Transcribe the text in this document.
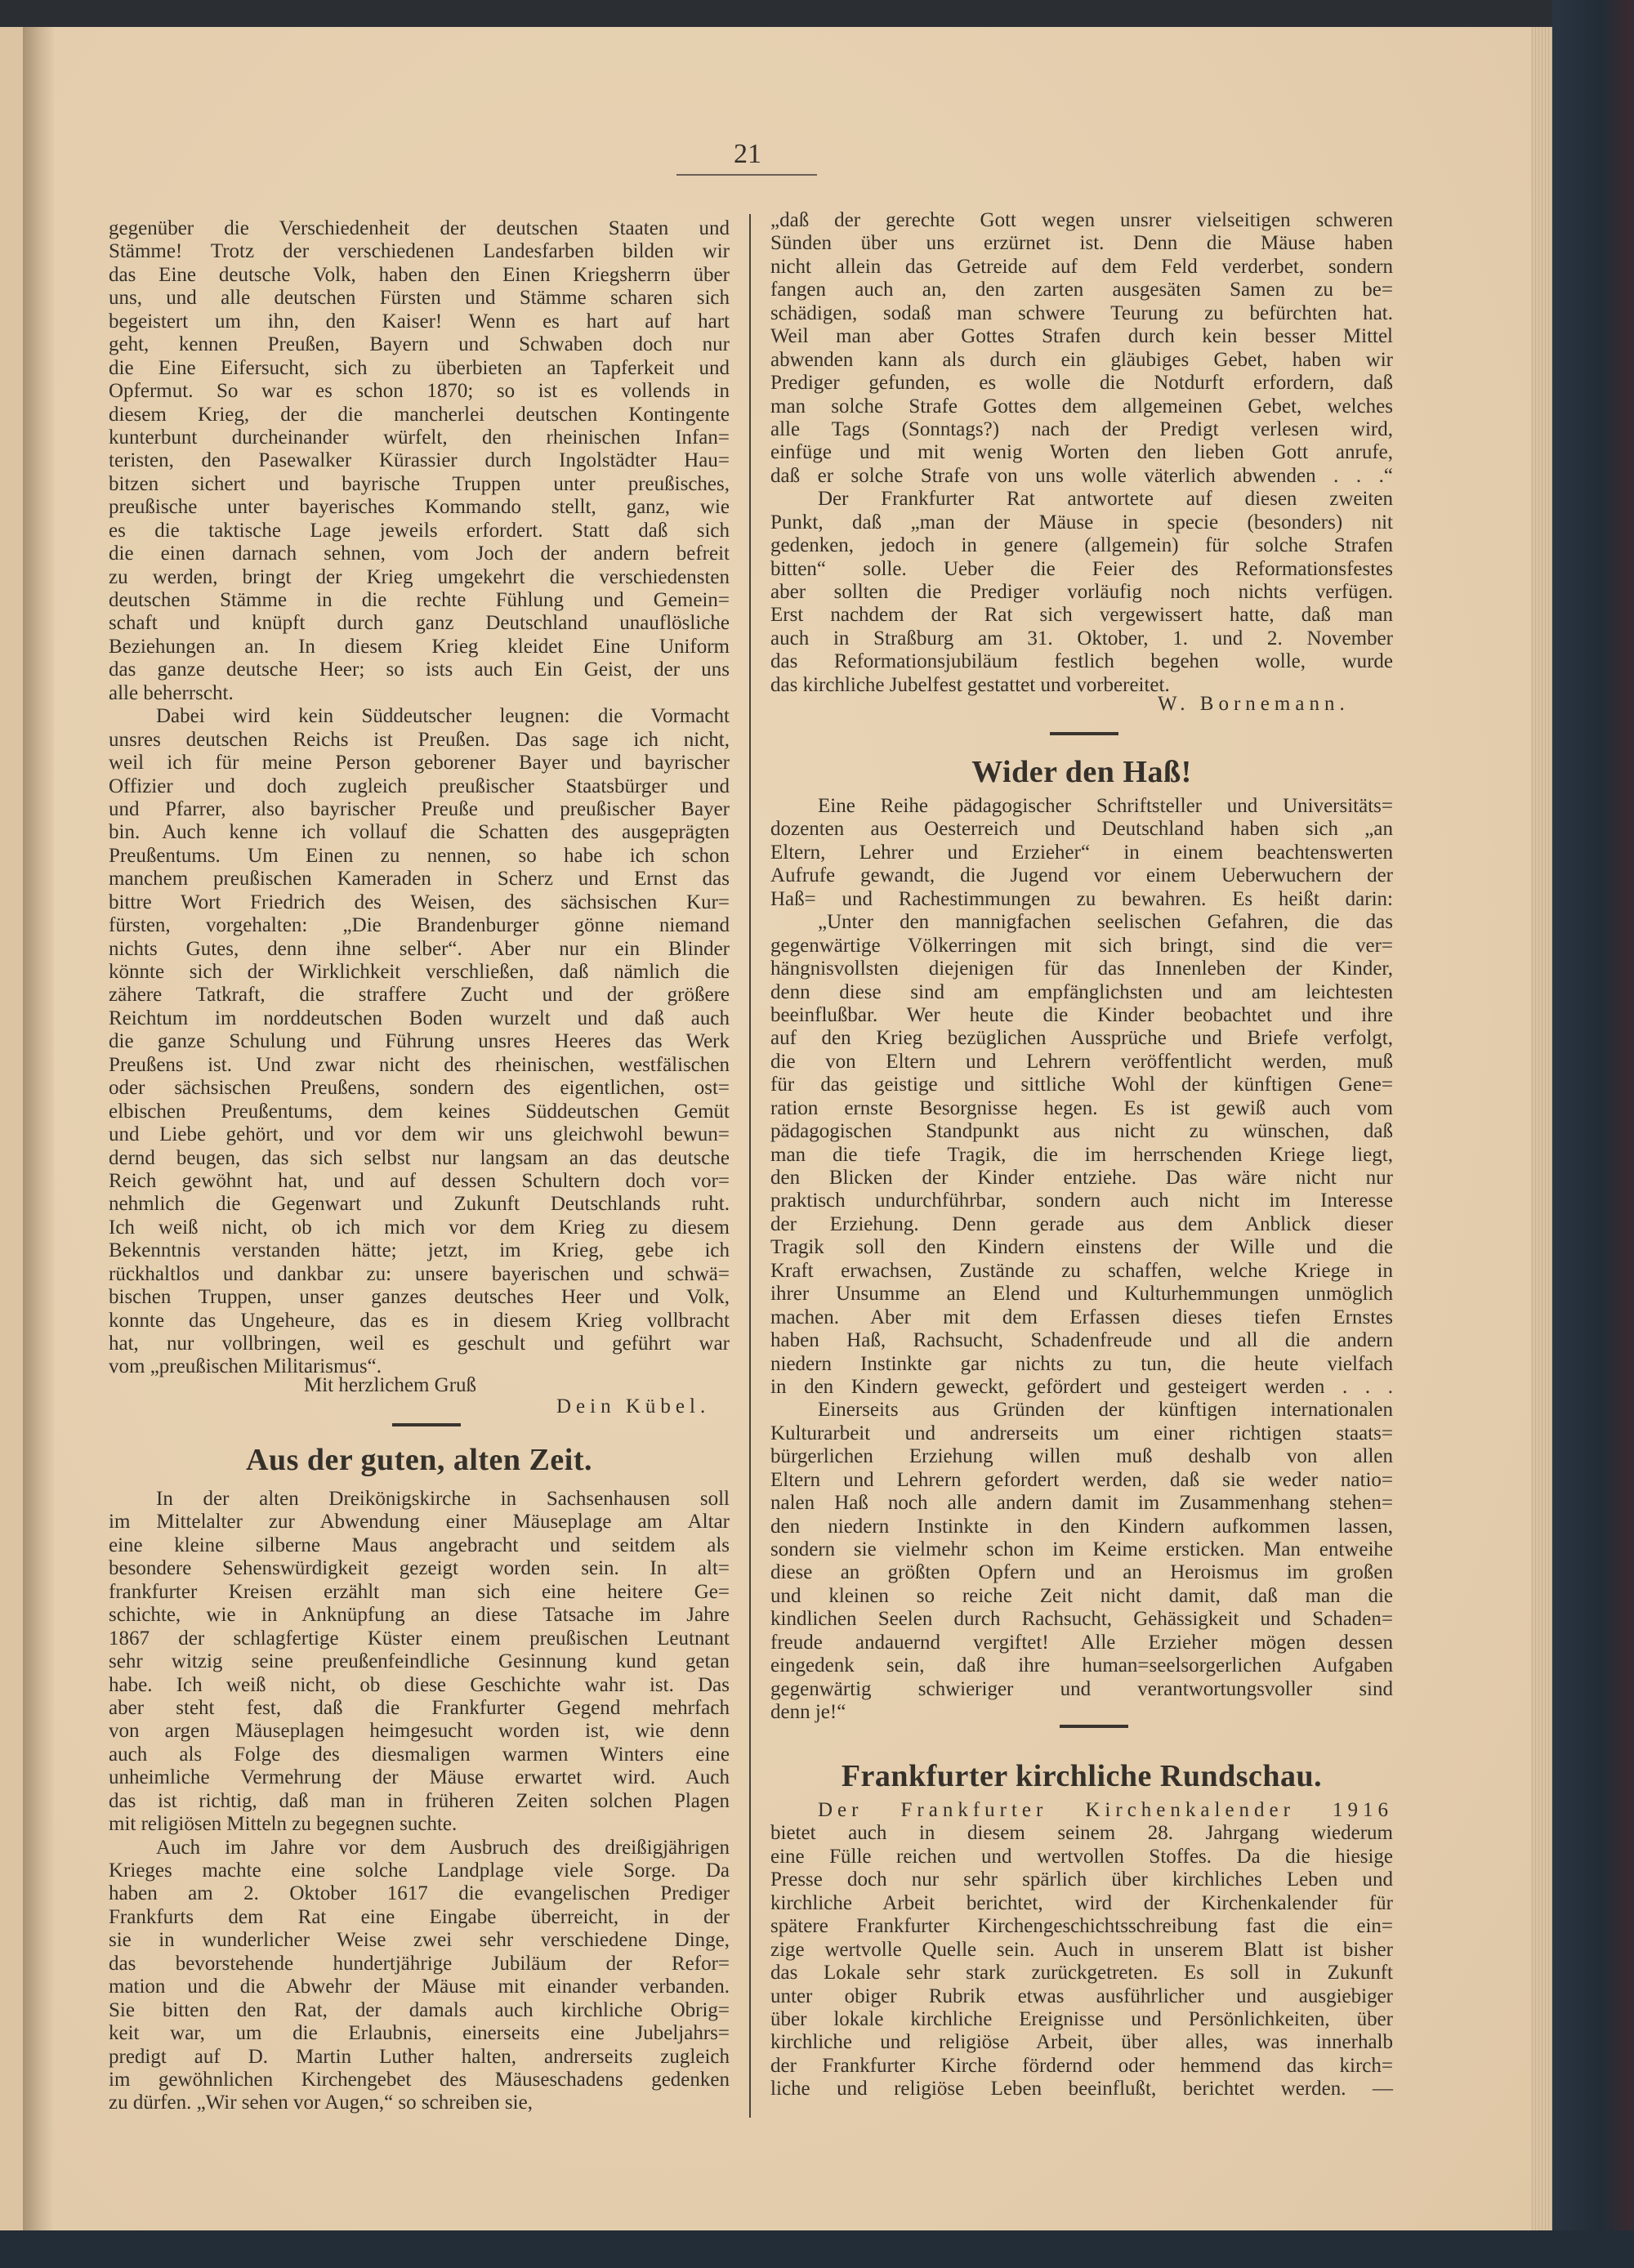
21
gegenüber die Verschiedenheit der deutschen Staaten und
Stämme! Trotz der verschiedenen Landesfarben bilden wir
das Eine deutsche Volk, haben den Einen Kriegsherrn über
uns, und alle deutschen Fürsten und Stämme scharen sich
begeistert um ihn, den Kaiser! Wenn es hart auf hart
geht, kennen Preußen, Bayern und Schwaben doch nur
die Eine Eifersucht, sich zu überbieten an Tapferkeit und
Opfermut. So war es schon 1870; so ist es vollends in
diesem Krieg, der die mancherlei deutschen Kontingente
kunterbunt durcheinander würfelt, den rheinischen Infan=
teristen, den Pasewalker Kürassier durch Ingolstädter Hau=
bitzen sichert und bayrische Truppen unter preußisches,
preußische unter bayerisches Kommando stellt, ganz, wie
es die taktische Lage jeweils erfordert. Statt daß sich
die einen darnach sehnen, vom Joch der andern befreit
zu werden, bringt der Krieg umgekehrt die verschiedensten
deutschen Stämme in die rechte Fühlung und Gemein=
schaft und knüpft durch ganz Deutschland unauflösliche
Beziehungen an. In diesem Krieg kleidet Eine Uniform
das ganze deutsche Heer; so ists auch Ein Geist, der uns
alle beherrscht.
Dabei wird kein Süddeutscher leugnen: die Vormacht
unsres deutschen Reichs ist Preußen. Das sage ich nicht,
weil ich für meine Person geborener Bayer und bayrischer
Offizier und doch zugleich preußischer Staatsbürger und
und Pfarrer, also bayrischer Preuße und preußischer Bayer
bin. Auch kenne ich vollauf die Schatten des ausgeprägten
Preußentums. Um Einen zu nennen, so habe ich schon
manchem preußischen Kameraden in Scherz und Ernst das
bittre Wort Friedrich des Weisen, des sächsischen Kur=
fürsten, vorgehalten: „Die Brandenburger gönne niemand
nichts Gutes, denn ihne selber“. Aber nur ein Blinder
könnte sich der Wirklichkeit verschließen, daß nämlich die
zähere Tatkraft, die straffere Zucht und der größere
Reichtum im norddeutschen Boden wurzelt und daß auch
die ganze Schulung und Führung unsres Heeres das Werk
Preußens ist. Und zwar nicht des rheinischen, westfälischen
oder sächsischen Preußens, sondern des eigentlichen, ost=
elbischen Preußentums, dem keines Süddeutschen Gemüt
und Liebe gehört, und vor dem wir uns gleichwohl bewun=
dernd beugen, das sich selbst nur langsam an das deutsche
Reich gewöhnt hat, und auf dessen Schultern doch vor=
nehmlich die Gegenwart und Zukunft Deutschlands ruht.
Ich weiß nicht, ob ich mich vor dem Krieg zu diesem
Bekenntnis verstanden hätte; jetzt, im Krieg, gebe ich
rückhaltlos und dankbar zu: unsere bayerischen und schwä=
bischen Truppen, unser ganzes deutsches Heer und Volk,
konnte das Ungeheure, das es in diesem Krieg vollbracht
hat, nur vollbringen, weil es geschult und geführt war
vom „preußischen Militarismus“.
Mit herzlichem Gruß
Dein Kübel.
Aus der guten, alten Zeit.
In der alten Dreikönigskirche in Sachsenhausen soll
im Mittelalter zur Abwendung einer Mäuseplage am Altar
eine kleine silberne Maus angebracht und seitdem als
besondere Sehenswürdigkeit gezeigt worden sein. In alt=
frankfurter Kreisen erzählt man sich eine heitere Ge=
schichte, wie in Anknüpfung an diese Tatsache im Jahre
1867 der schlagfertige Küster einem preußischen Leutnant
sehr witzig seine preußenfeindliche Gesinnung kund getan
habe. Ich weiß nicht, ob diese Geschichte wahr ist. Das
aber steht fest, daß die Frankfurter Gegend mehrfach
von argen Mäuseplagen heimgesucht worden ist, wie denn
auch als Folge des diesmaligen warmen Winters eine
unheimliche Vermehrung der Mäuse erwartet wird. Auch
das ist richtig, daß man in früheren Zeiten solchen Plagen
mit religiösen Mitteln zu begegnen suchte.
Auch im Jahre vor dem Ausbruch des dreißigjährigen
Krieges machte eine solche Landplage viele Sorge. Da
haben am 2. Oktober 1617 die evangelischen Prediger
Frankfurts dem Rat eine Eingabe überreicht, in der
sie in wunderlicher Weise zwei sehr verschiedene Dinge,
das bevorstehende hundertjährige Jubiläum der Refor=
mation und die Abwehr der Mäuse mit einander verbanden.
Sie bitten den Rat, der damals auch kirchliche Obrig=
keit war, um die Erlaubnis, einerseits eine Jubeljahrs=
predigt auf D. Martin Luther halten, andrerseits zugleich
im gewöhnlichen Kirchengebet des Mäuseschadens gedenken
zu dürfen. „Wir sehen vor Augen,“ so schreiben sie,
„daß der gerechte Gott wegen unsrer vielseitigen schweren
Sünden über uns erzürnet ist. Denn die Mäuse haben
nicht allein das Getreide auf dem Feld verderbet, sondern
fangen auch an, den zarten ausgesäten Samen zu be=
schädigen, sodaß man schwere Teurung zu befürchten hat.
Weil man aber Gottes Strafen durch kein besser Mittel
abwenden kann als durch ein gläubiges Gebet, haben wir
Prediger gefunden, es wolle die Notdurft erfordern, daß
man solche Strafe Gottes dem allgemeinen Gebet, welches
alle Tags (Sonntags?) nach der Predigt verlesen wird,
einfüge und mit wenig Worten den lieben Gott anrufe,
daß er solche Strafe von uns wolle väterlich abwenden . . .“
Der Frankfurter Rat antwortete auf diesen zweiten
Punkt, daß „man der Mäuse in specie (besonders) nit
gedenken, jedoch in genere (allgemein) für solche Strafen
bitten“ solle. Ueber die Feier des Reformationsfestes
aber sollten die Prediger vorläufig noch nichts verfügen.
Erst nachdem der Rat sich vergewissert hatte, daß man
auch in Straßburg am 31. Oktober, 1. und 2. November
das Reformationsjubiläum festlich begehen wolle, wurde
das kirchliche Jubelfest gestattet und vorbereitet.
W. Bornemann.
Wider den Haß!
Eine Reihe pädagogischer Schriftsteller und Universitäts=
dozenten aus Oesterreich und Deutschland haben sich „an
Eltern, Lehrer und Erzieher“ in einem beachtenswerten
Aufrufe gewandt, die Jugend vor einem Ueberwuchern der
Haß= und Rachestimmungen zu bewahren. Es heißt darin:
„Unter den mannigfachen seelischen Gefahren, die das
gegenwärtige Völkerringen mit sich bringt, sind die ver=
hängnisvollsten diejenigen für das Innenleben der Kinder,
denn diese sind am empfänglichsten und am leichtesten
beeinflußbar. Wer heute die Kinder beobachtet und ihre
auf den Krieg bezüglichen Aussprüche und Briefe verfolgt,
die von Eltern und Lehrern veröffentlicht werden, muß
für das geistige und sittliche Wohl der künftigen Gene=
ration ernste Besorgnisse hegen. Es ist gewiß auch vom
pädagogischen Standpunkt aus nicht zu wünschen, daß
man die tiefe Tragik, die im herrschenden Kriege liegt,
den Blicken der Kinder entziehe. Das wäre nicht nur
praktisch undurchführbar, sondern auch nicht im Interesse
der Erziehung. Denn gerade aus dem Anblick dieser
Tragik soll den Kindern einstens der Wille und die
Kraft erwachsen, Zustände zu schaffen, welche Kriege in
ihrer Unsumme an Elend und Kulturhemmungen unmöglich
machen. Aber mit dem Erfassen dieses tiefen Ernstes
haben Haß, Rachsucht, Schadenfreude und all die andern
niedern Instinkte gar nichts zu tun, die heute vielfach
in den Kindern geweckt, gefördert und gesteigert werden . . .
Einerseits aus Gründen der künftigen internationalen
Kulturarbeit und andrerseits um einer richtigen staats=
bürgerlichen Erziehung willen muß deshalb von allen
Eltern und Lehrern gefordert werden, daß sie weder natio=
nalen Haß noch alle andern damit im Zusammenhang stehen=
den niedern Instinkte in den Kindern aufkommen lassen,
sondern sie vielmehr schon im Keime ersticken. Man entweihe
diese an größten Opfern und an Heroismus im großen
und kleinen so reiche Zeit nicht damit, daß man die
kindlichen Seelen durch Rachsucht, Gehässigkeit und Schaden=
freude andauernd vergiftet! Alle Erzieher mögen dessen
eingedenk sein, daß ihre human=seelsorgerlichen Aufgaben
gegenwärtig schwieriger und verantwortungsvoller sind
denn je!“
Frankfurter kirchliche Rundschau.
Der Frankfurter Kirchenkalender 1916
bietet auch in diesem seinem 28. Jahrgang wiederum
eine Fülle reichen und wertvollen Stoffes. Da die hiesige
Presse doch nur sehr spärlich über kirchliches Leben und
kirchliche Arbeit berichtet, wird der Kirchenkalender für
spätere Frankfurter Kirchengeschichtsschreibung fast die ein=
zige wertvolle Quelle sein. Auch in unserem Blatt ist bisher
das Lokale sehr stark zurückgetreten. Es soll in Zukunft
unter obiger Rubrik etwas ausführlicher und ausgiebiger
über lokale kirchliche Ereignisse und Persönlichkeiten, über
kirchliche und religiöse Arbeit, über alles, was innerhalb
der Frankfurter Kirche fördernd oder hemmend das kirch=
liche und religiöse Leben beeinflußt, berichtet werden. —
